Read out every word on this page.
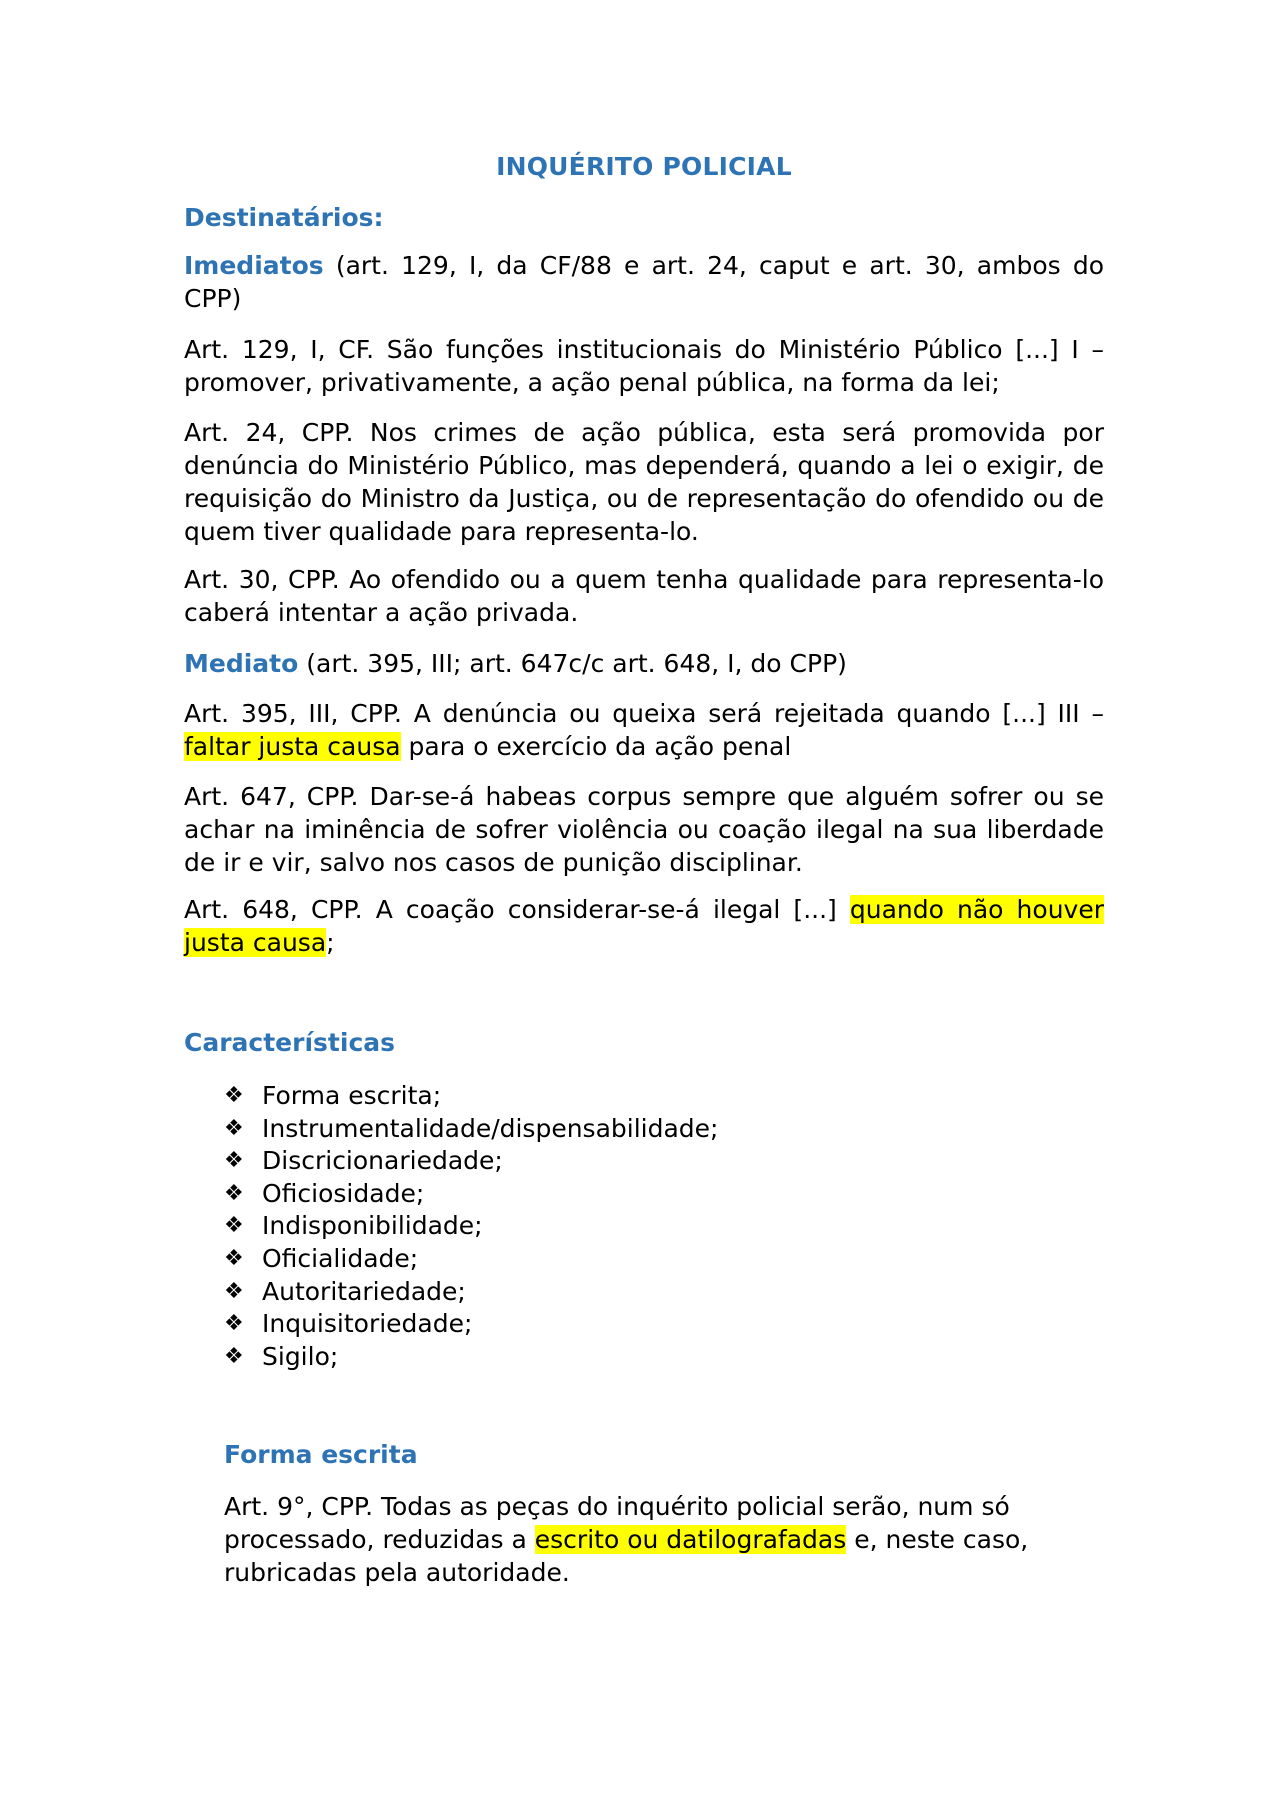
INQUÉRITO POLICIAL
Destinatários:
Imediatos (art. 129, I, da CF/88 e art. 24, caput e art. 30, ambos do CPP)
Art. 129, I, CF. São funções institucionais do Ministério Público [...] I – promover, privativamente, a ação penal pública, na forma da lei;
Art. 24, CPP. Nos crimes de ação pública, esta será promovida por denúncia do Ministério Público, mas dependerá, quando a lei o exigir, de requisição do Ministro da Justiça, ou de representação do ofendido ou de quem tiver qualidade para representa-lo.
Art. 30, CPP. Ao ofendido ou a quem tenha qualidade para representa-lo caberá intentar a ação privada.
Mediato (art. 395, III; art. 647c/c art. 648, I, do CPP)
Art. 395, III, CPP. A denúncia ou queixa será rejeitada quando [...] III – faltar justa causa para o exercício da ação penal
Art. 647, CPP. Dar-se-á habeas corpus sempre que alguém sofrer ou se achar na iminência de sofrer violência ou coação ilegal na sua liberdade de ir e vir, salvo nos casos de punição disciplinar.
Art. 648, CPP. A coação considerar-se-á ilegal [...] quando não houver justa causa;
Características
❖ Forma escrita;
❖ Instrumentalidade/dispensabilidade;
❖ Discricionariedade;
❖ Oficiosidade;
❖ Indisponibilidade;
❖ Oficialidade;
❖ Autoritariedade;
❖ Inquisitoriedade;
❖ Sigilo;
Forma escrita
Art. 9°, CPP. Todas as peças do inquérito policial serão, num só processado, reduzidas a escrito ou datilografadas e, neste caso, rubricadas pela autoridade.
